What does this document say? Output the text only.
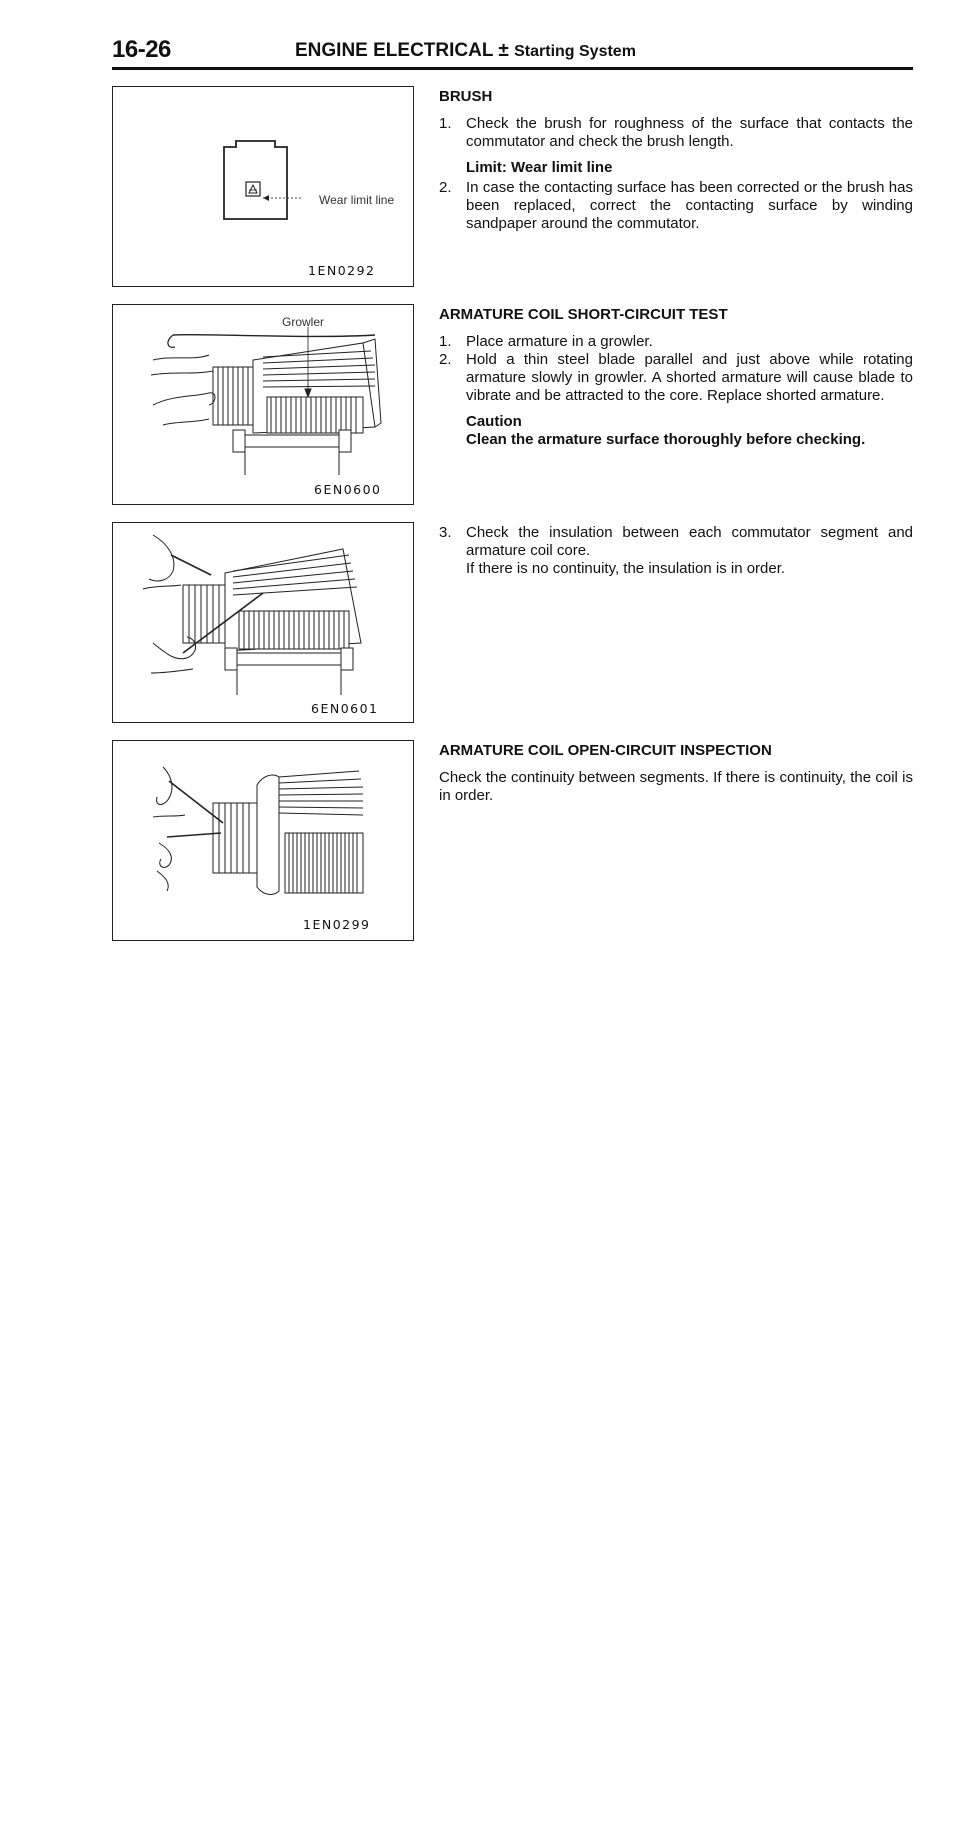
16-26	ENGINE ELECTRICAL ± Starting System
Wear limit line
1EN0292
Growler
6EN0600
6EN0601
1EN0299
BRUSH
1. Check the brush for roughness of the surface that contacts the commutator and check the brush length.
Limit: Wear limit line
2. In case the contacting surface has been corrected or the brush has been replaced, correct the contacting surface by winding sandpaper around the commutator.
ARMATURE COIL SHORT-CIRCUIT TEST
1. Place armature in a growler.
2. Hold a thin steel blade parallel and just above while rotating armature slowly in growler. A shorted armature will cause blade to vibrate and be attracted to the core. Replace shorted armature.
Caution
Clean the armature surface thoroughly before checking.
3. Check the insulation between each commutator segment and armature coil core.
If there is no continuity, the insulation is in order.
ARMATURE COIL OPEN-CIRCUIT INSPECTION
Check the continuity between segments. If there is continuity, the coil is in order.
